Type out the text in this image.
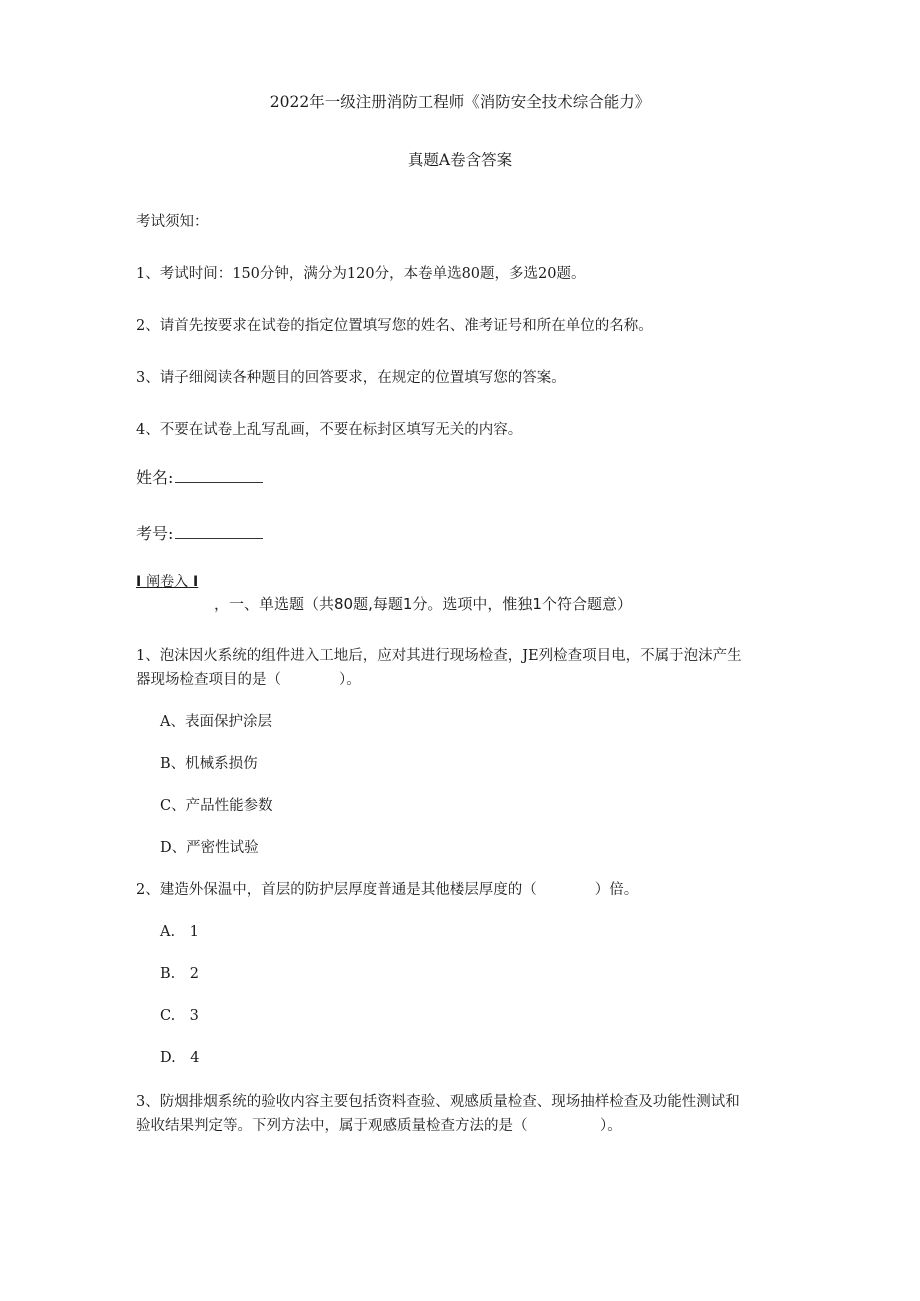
2022年一级注册消防工程师《消防安全技术综合能力》
真题A卷含答案
考试须知：
1、考试时间：150分钟，满分为120分，本卷单选80题，多选20题。
2、请首先按要求在试卷的指定位置填写您的姓名、准考证号和所在单位的名称。
3、请子细阅读各种题目的回答要求，在规定的位置填写您的答案。
4、不要在试卷上乱写乱画，不要在标封区填写无关的内容。
姓名:
考号:
I 阐卷入 I
，一、单选题（共80题,每题1分。选项中，惟独1个符合题意）
1、泡沫因火系统的组件进入工地后，应对其进行现场检查，JE列检查项目电，不属于泡沫产生
器现场检查项目的是（　　　　）。
A、表面保护涂层
B、机械系损伤
C、产品性能参数
D、严密性试验
2、建造外保温中，首层的防护层厚度普通是其他楼层厚度的（　　　　）倍。
A.　1
B.　2
C.　3
D.　4
3、防烟排烟系统的验收内容主要包括资料查验、观感质量检查、现场抽样检查及功能性测试和
验收结果判定等。下列方法中，属于观感质量检查方法的是（　　　　　）。
